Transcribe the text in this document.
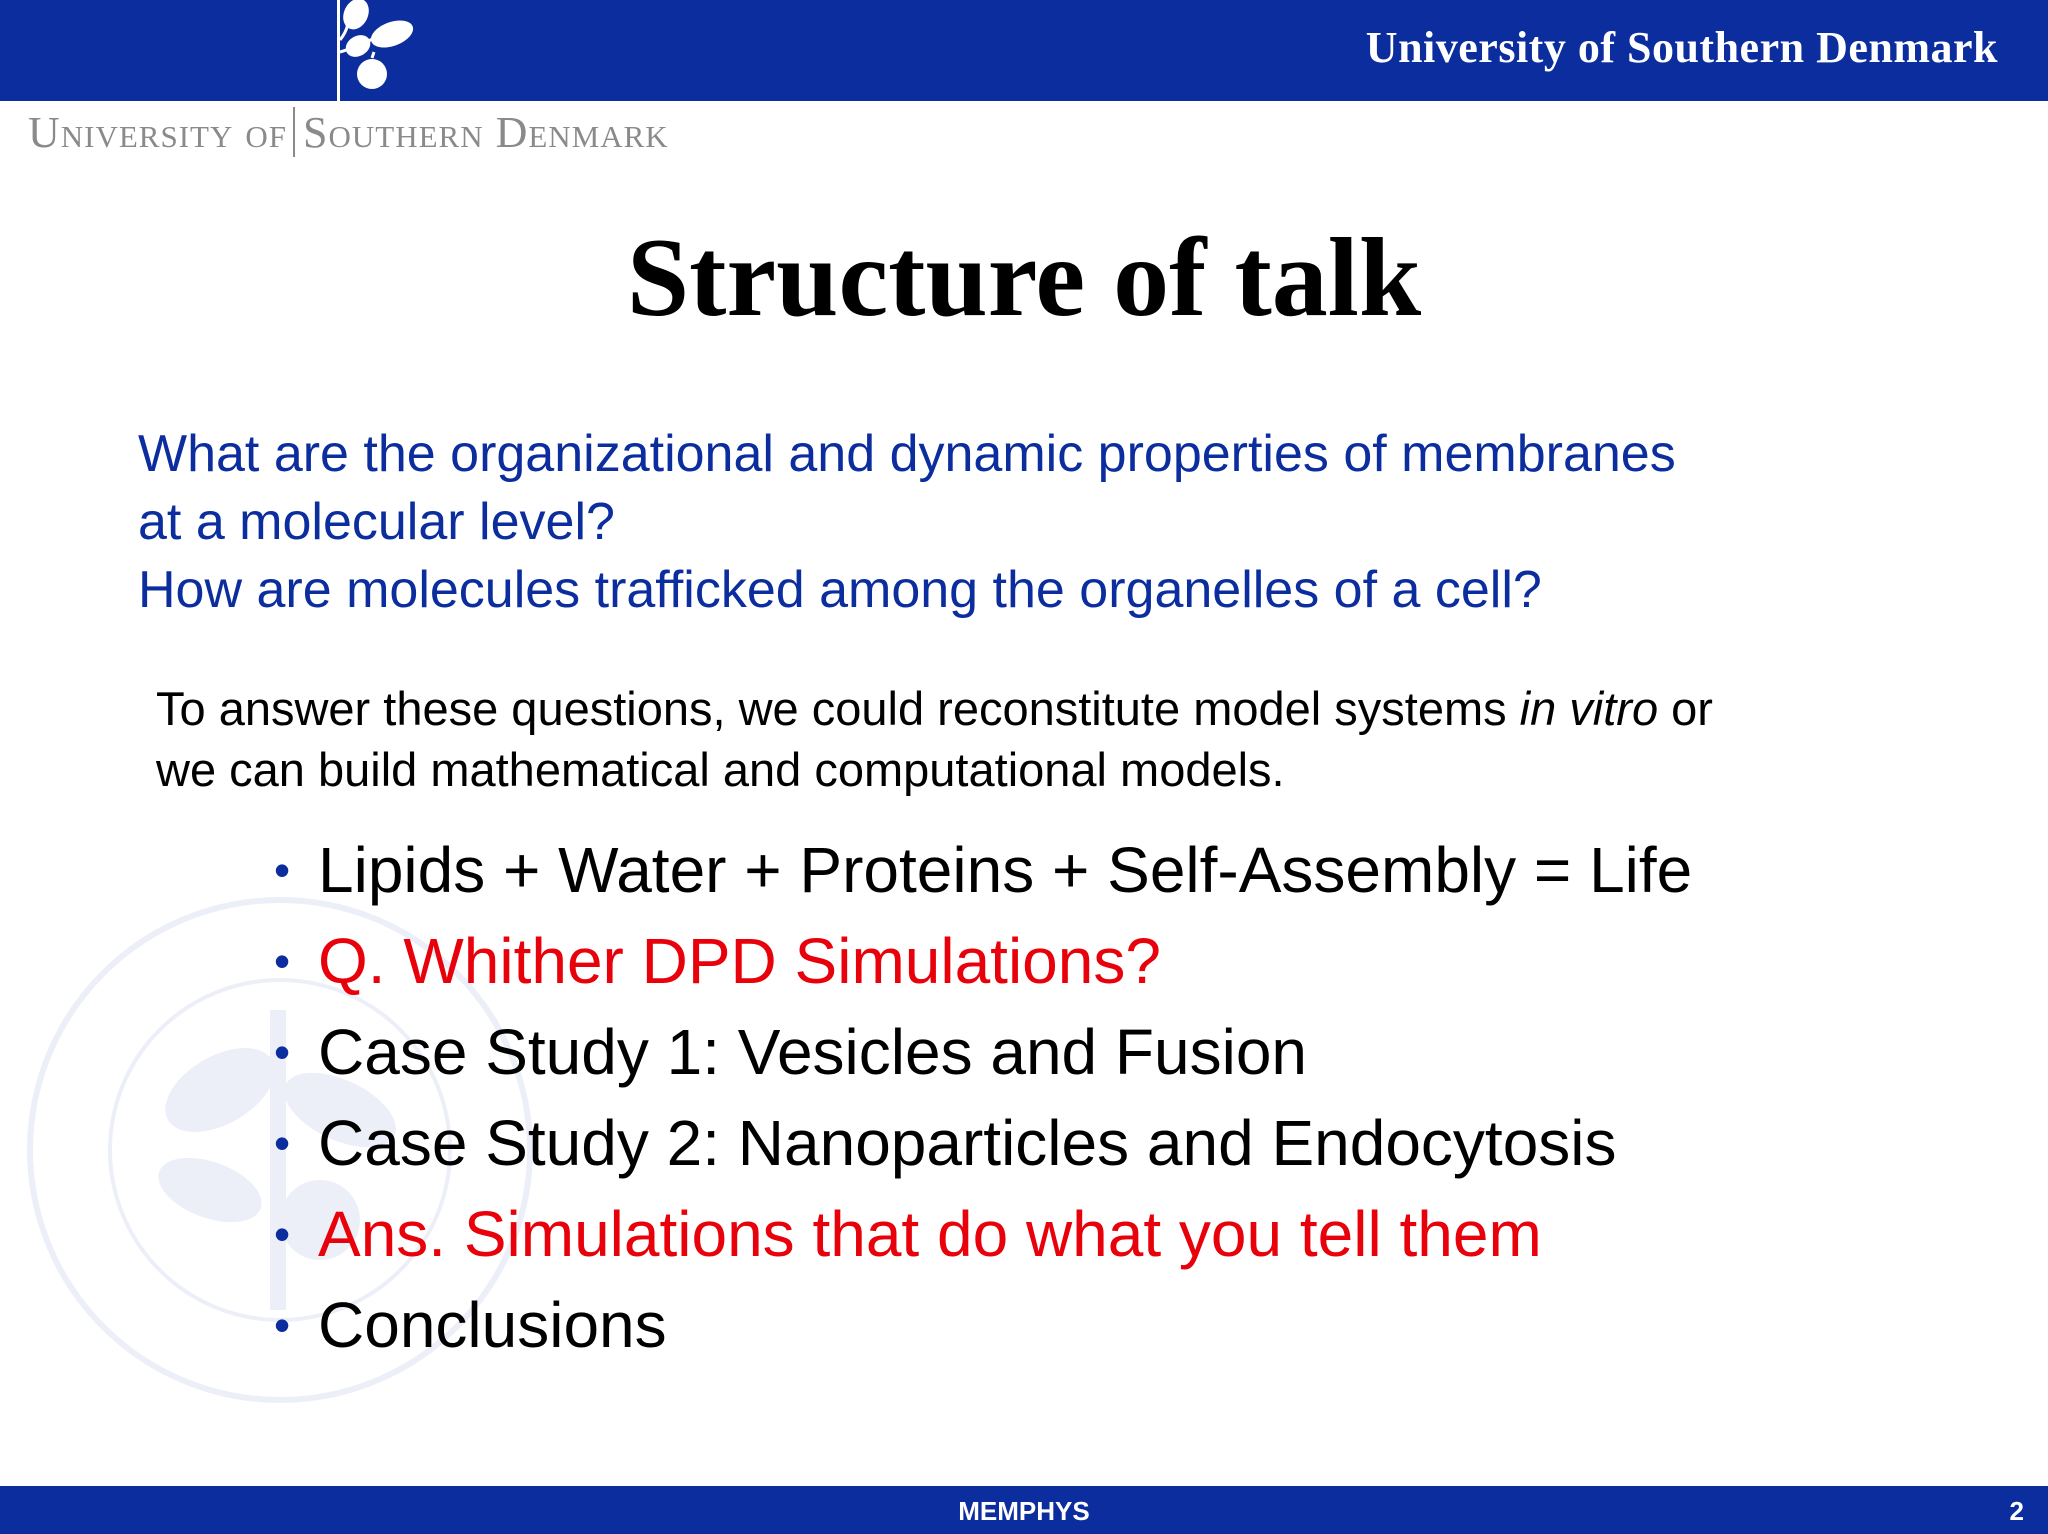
University of Southern Denmark
University of Southern Denmark
Structure of talk
What are the organizational and dynamic properties of membranes
at a molecular level?
How are molecules trafficked among the organelles of a cell?
To answer these questions, we could reconstitute model systems in vitro or
we can build mathematical and computational models.
• Lipids + Water + Proteins + Self-Assembly = Life
• Q. Whither DPD Simulations?
• Case Study 1: Vesicles and Fusion
• Case Study 2: Nanoparticles and Endocytosis
• Ans. Simulations that do what you tell them
• Conclusions
MEMPHYS	2
